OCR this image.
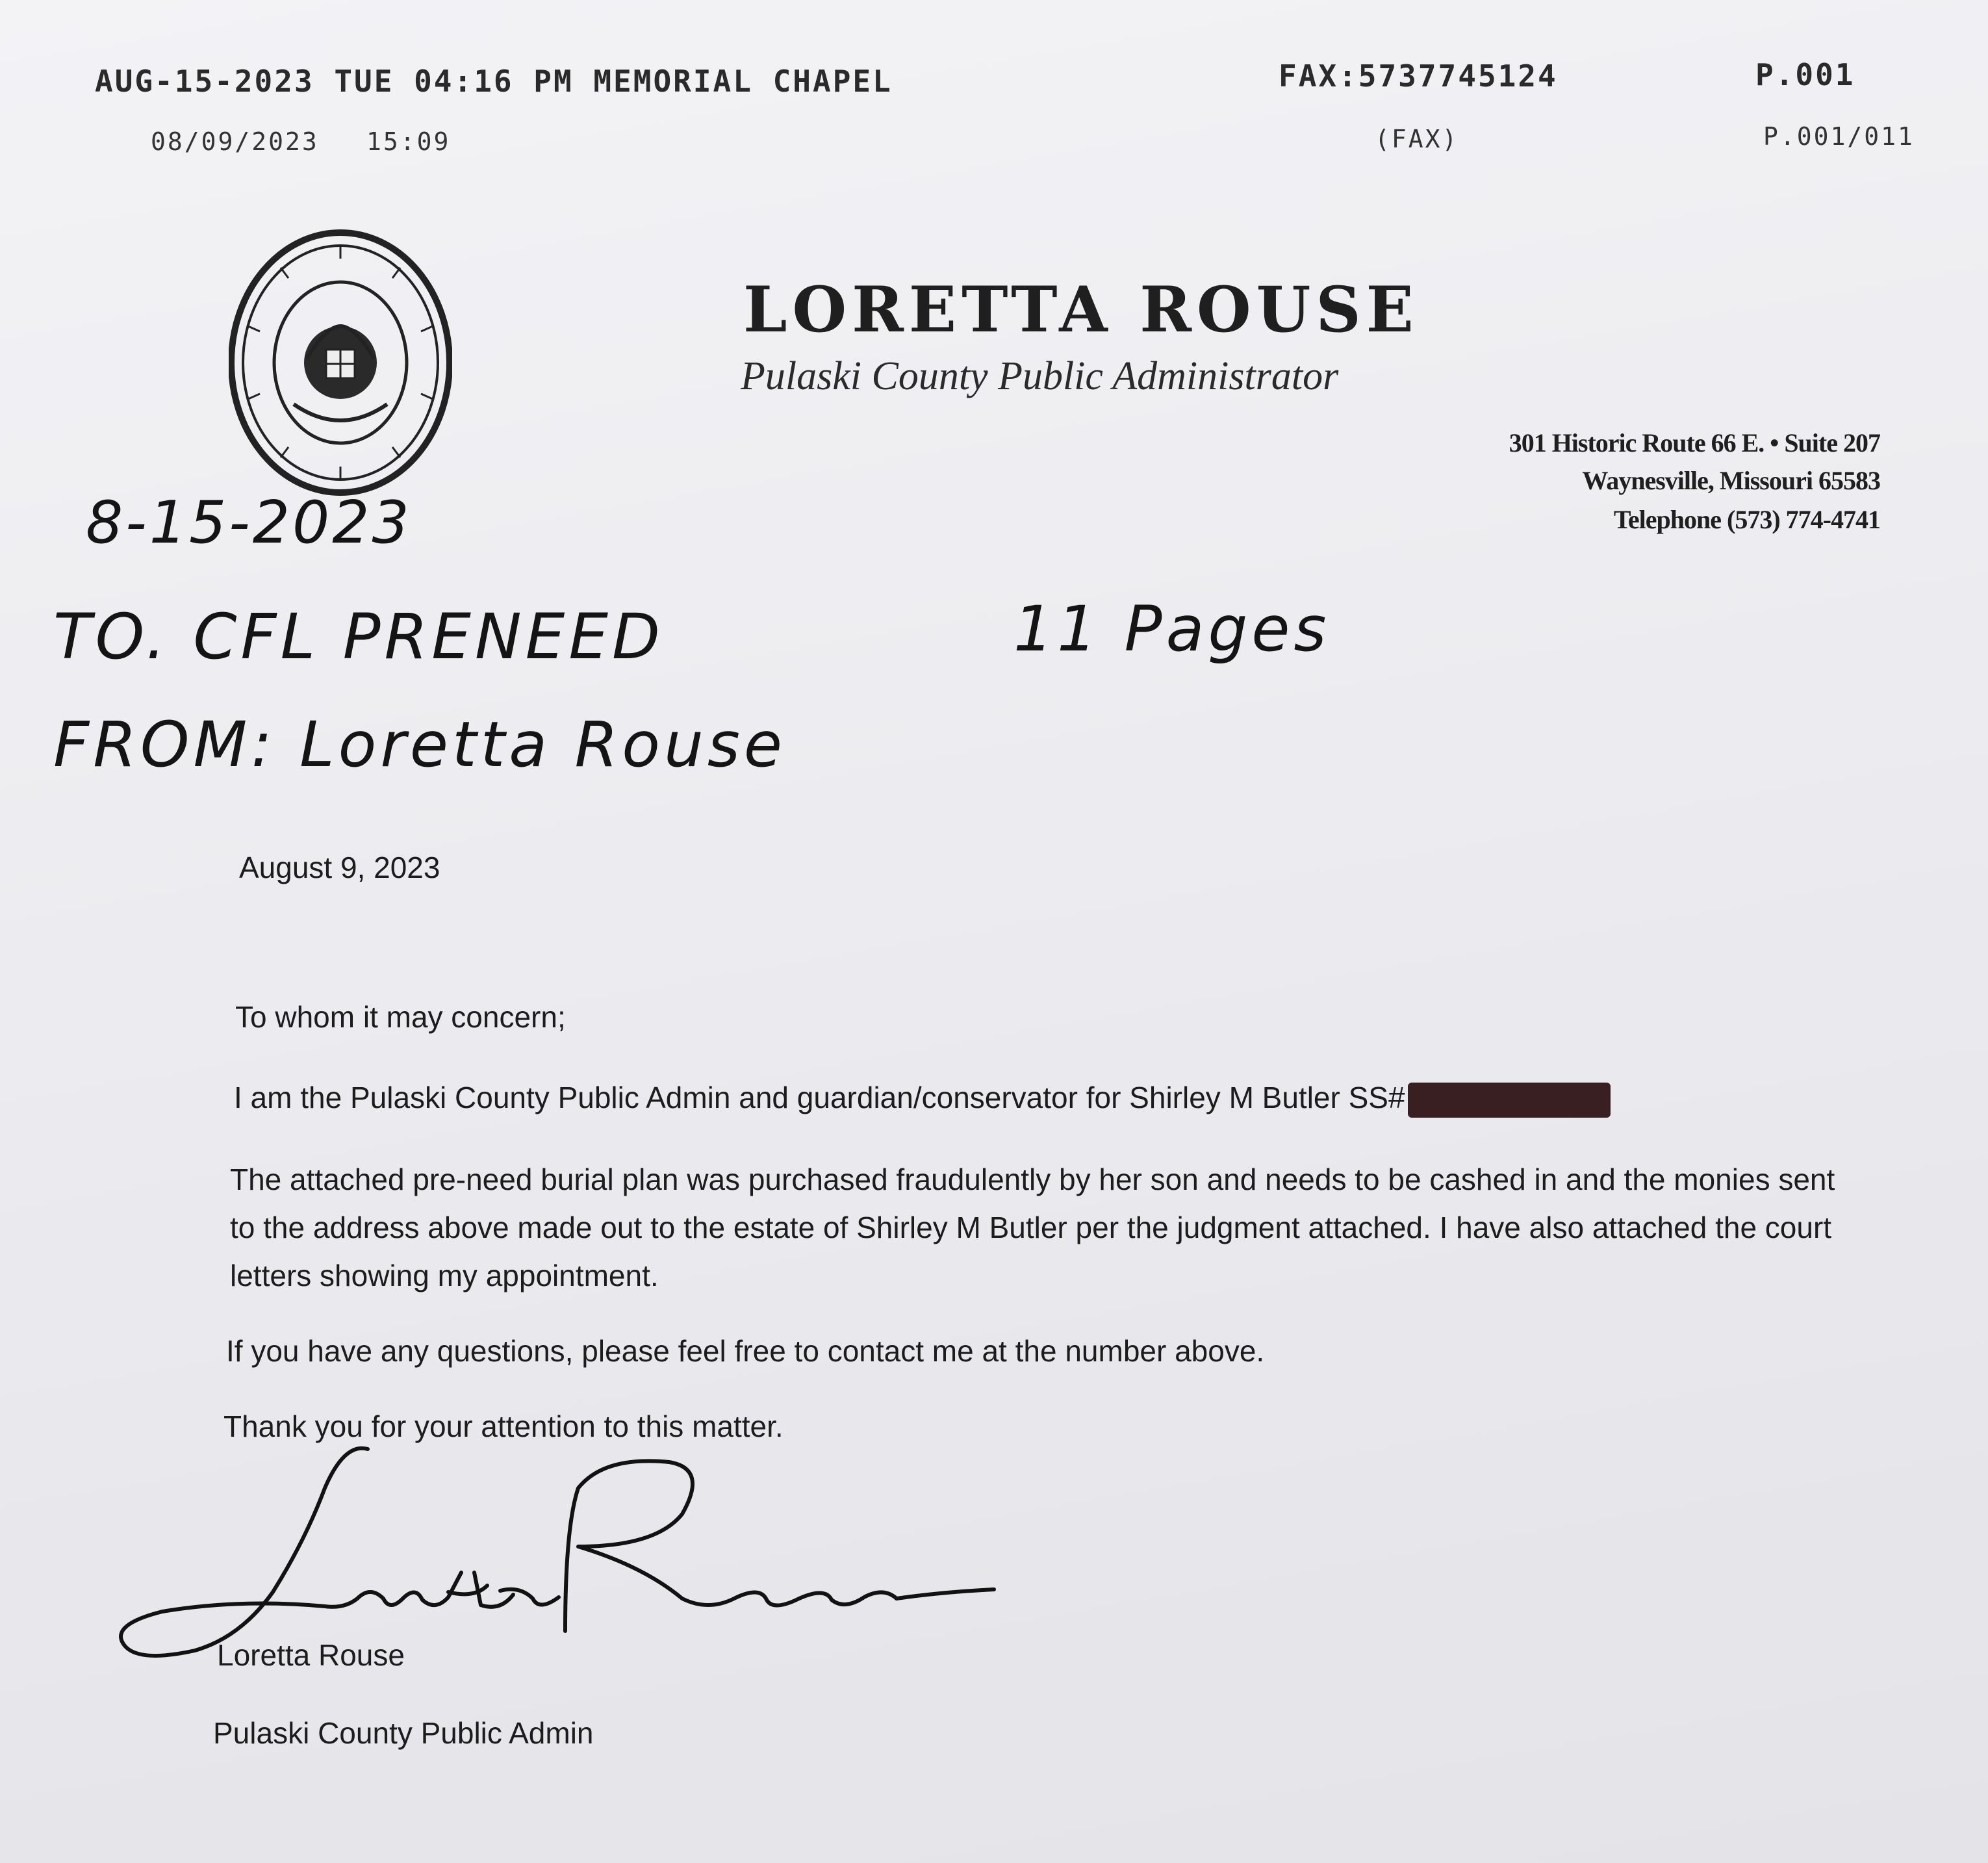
AUG-15-2023 TUE 04:16 PM MEMORIAL CHAPEL	FAX:5737745124	P.001
08/09/2023 15:09	(FAX)	P.001/011
LORETTA ROUSE
Pulaski County Public Administrator
301 Historic Route 66 E. • Suite 207
Waynesville, Missouri 65583
Telephone (573) 774-4741
8-15-2023
TO. CFL PRENEED	11 Pages
FROM: Loretta Rouse
August 9, 2023
To whom it may concern;
I am the Pulaski County Public Admin and guardian/conservator for Shirley M Butler SS#
The attached pre-need burial plan was purchased fraudulently by her son and needs to be cashed in and the monies sent to the address above made out to the estate of Shirley M Butler per the judgment attached. I have also attached the court letters showing my appointment.
If you have any questions, please feel free to contact me at the number above.
Thank you for your attention to this matter.
Loretta Rouse
Pulaski County Public Admin
